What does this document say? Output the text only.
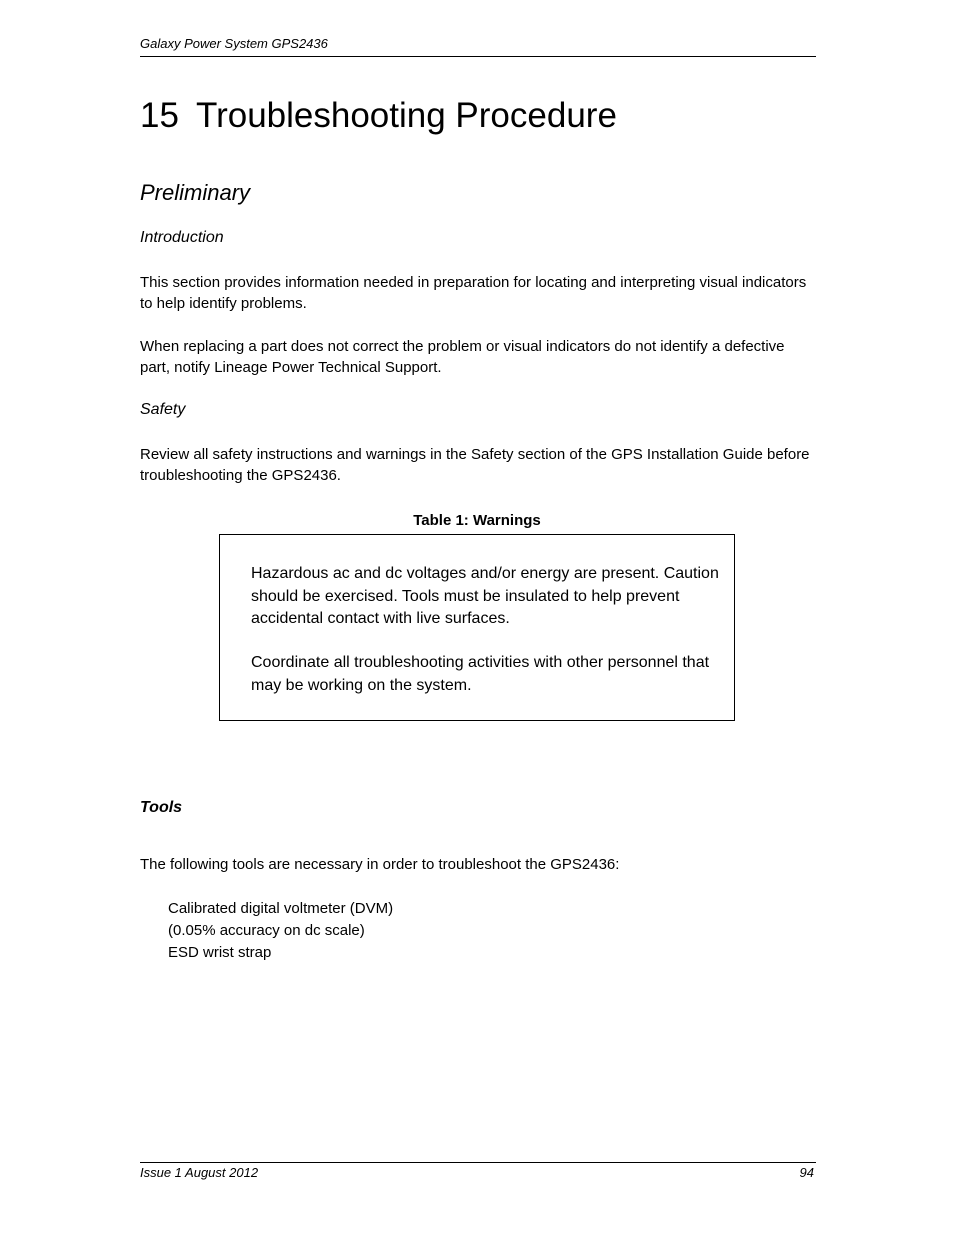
Galaxy Power System GPS2436
15 Troubleshooting Procedure
Preliminary
Introduction

This section provides information needed in preparation for locating and interpreting visual indicators to help identify problems.

When replacing a part does not correct the problem or visual indicators do not identify a defective part, notify Lineage Power Technical Support.

Safety

Review all safety instructions and warnings in the Safety section of the GPS Installation Guide before troubleshooting the GPS2436.

Table 1: Warnings

Hazardous ac and dc voltages and/or energy are present. Caution should be exercised. Tools must be insulated to help prevent accidental contact with live surfaces.

Coordinate all troubleshooting activities with other personnel that may be working on the system.

Tools

The following tools are necessary in order to troubleshoot the GPS2436:

Calibrated digital voltmeter (DVM)
(0.05% accuracy on dc scale)
ESD wrist strap
Issue 1 August 2012	94
